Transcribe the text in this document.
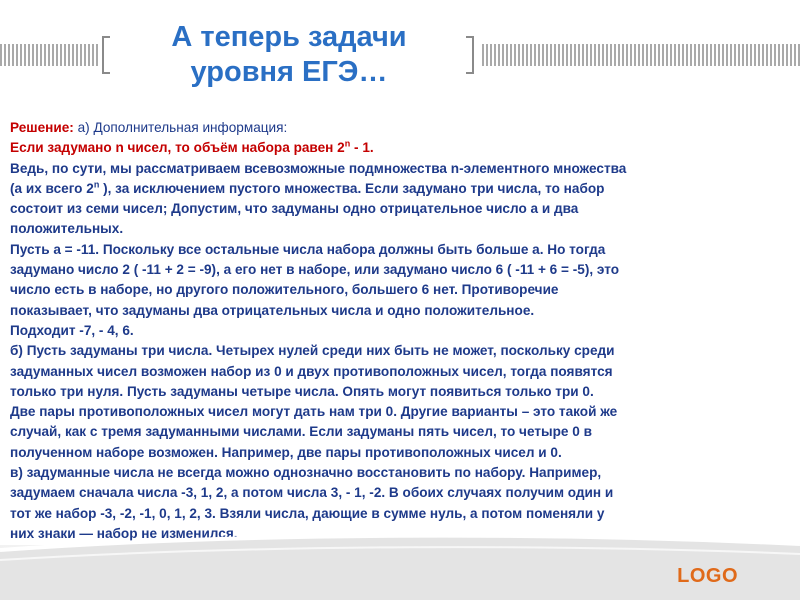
А теперь задачи
уровня ЕГЭ…
Решение: а) Дополнительная информация:
Если задумано n чисел, то объём набора равен 2$^n$ - 1.
Ведь, по сути, мы рассматриваем всевозможные подмножества n-элементного множества
(а их всего 2$^n$ ), за исключением пустого множества. Если задумано три числа, то набор
состоит из семи чисел; Допустим, что задуманы одно отрицательное число а и два
положительных.
Пусть а = -11. Поскольку все остальные числа набора должны быть больше а. Но тогда
задумано число 2 ( -11 + 2 = -9), а его нет в наборе, или задумано число 6 ( -11 + 6 = -5), это
число есть в наборе, но другого положительного, большего 6 нет. Противоречие
показывает, что задуманы два отрицательных числа и одно положительное.
Подходит -7, - 4, 6.
б) Пусть задуманы три числа. Четырех нулей среди них быть не может, поскольку среди
задуманных чисел возможен набор из 0 и двух противоположных чисел, тогда появятся
только три нуля. Пусть задуманы четыре числа. Опять могут появиться только три 0.
Две пары противоположных чисел могут дать нам три 0. Другие варианты – это такой же
случай, как с тремя задуманными числами. Если задуманы пять чисел, то четыре 0 в
полученном наборе возможен. Например, две пары противоположных чисел и 0.
в) задуманные числа не всегда можно однозначно восстановить по набору. Например,
задумаем сначала числа -3, 1, 2, а потом числа 3, - 1, -2. В обоих случаях получим один и
тот же набор -3, -2, -1, 0, 1, 2, 3. Взяли числа, дающие в сумме нуль, а потом поменяли у
них знаки — набор не изменился.
LOGO
